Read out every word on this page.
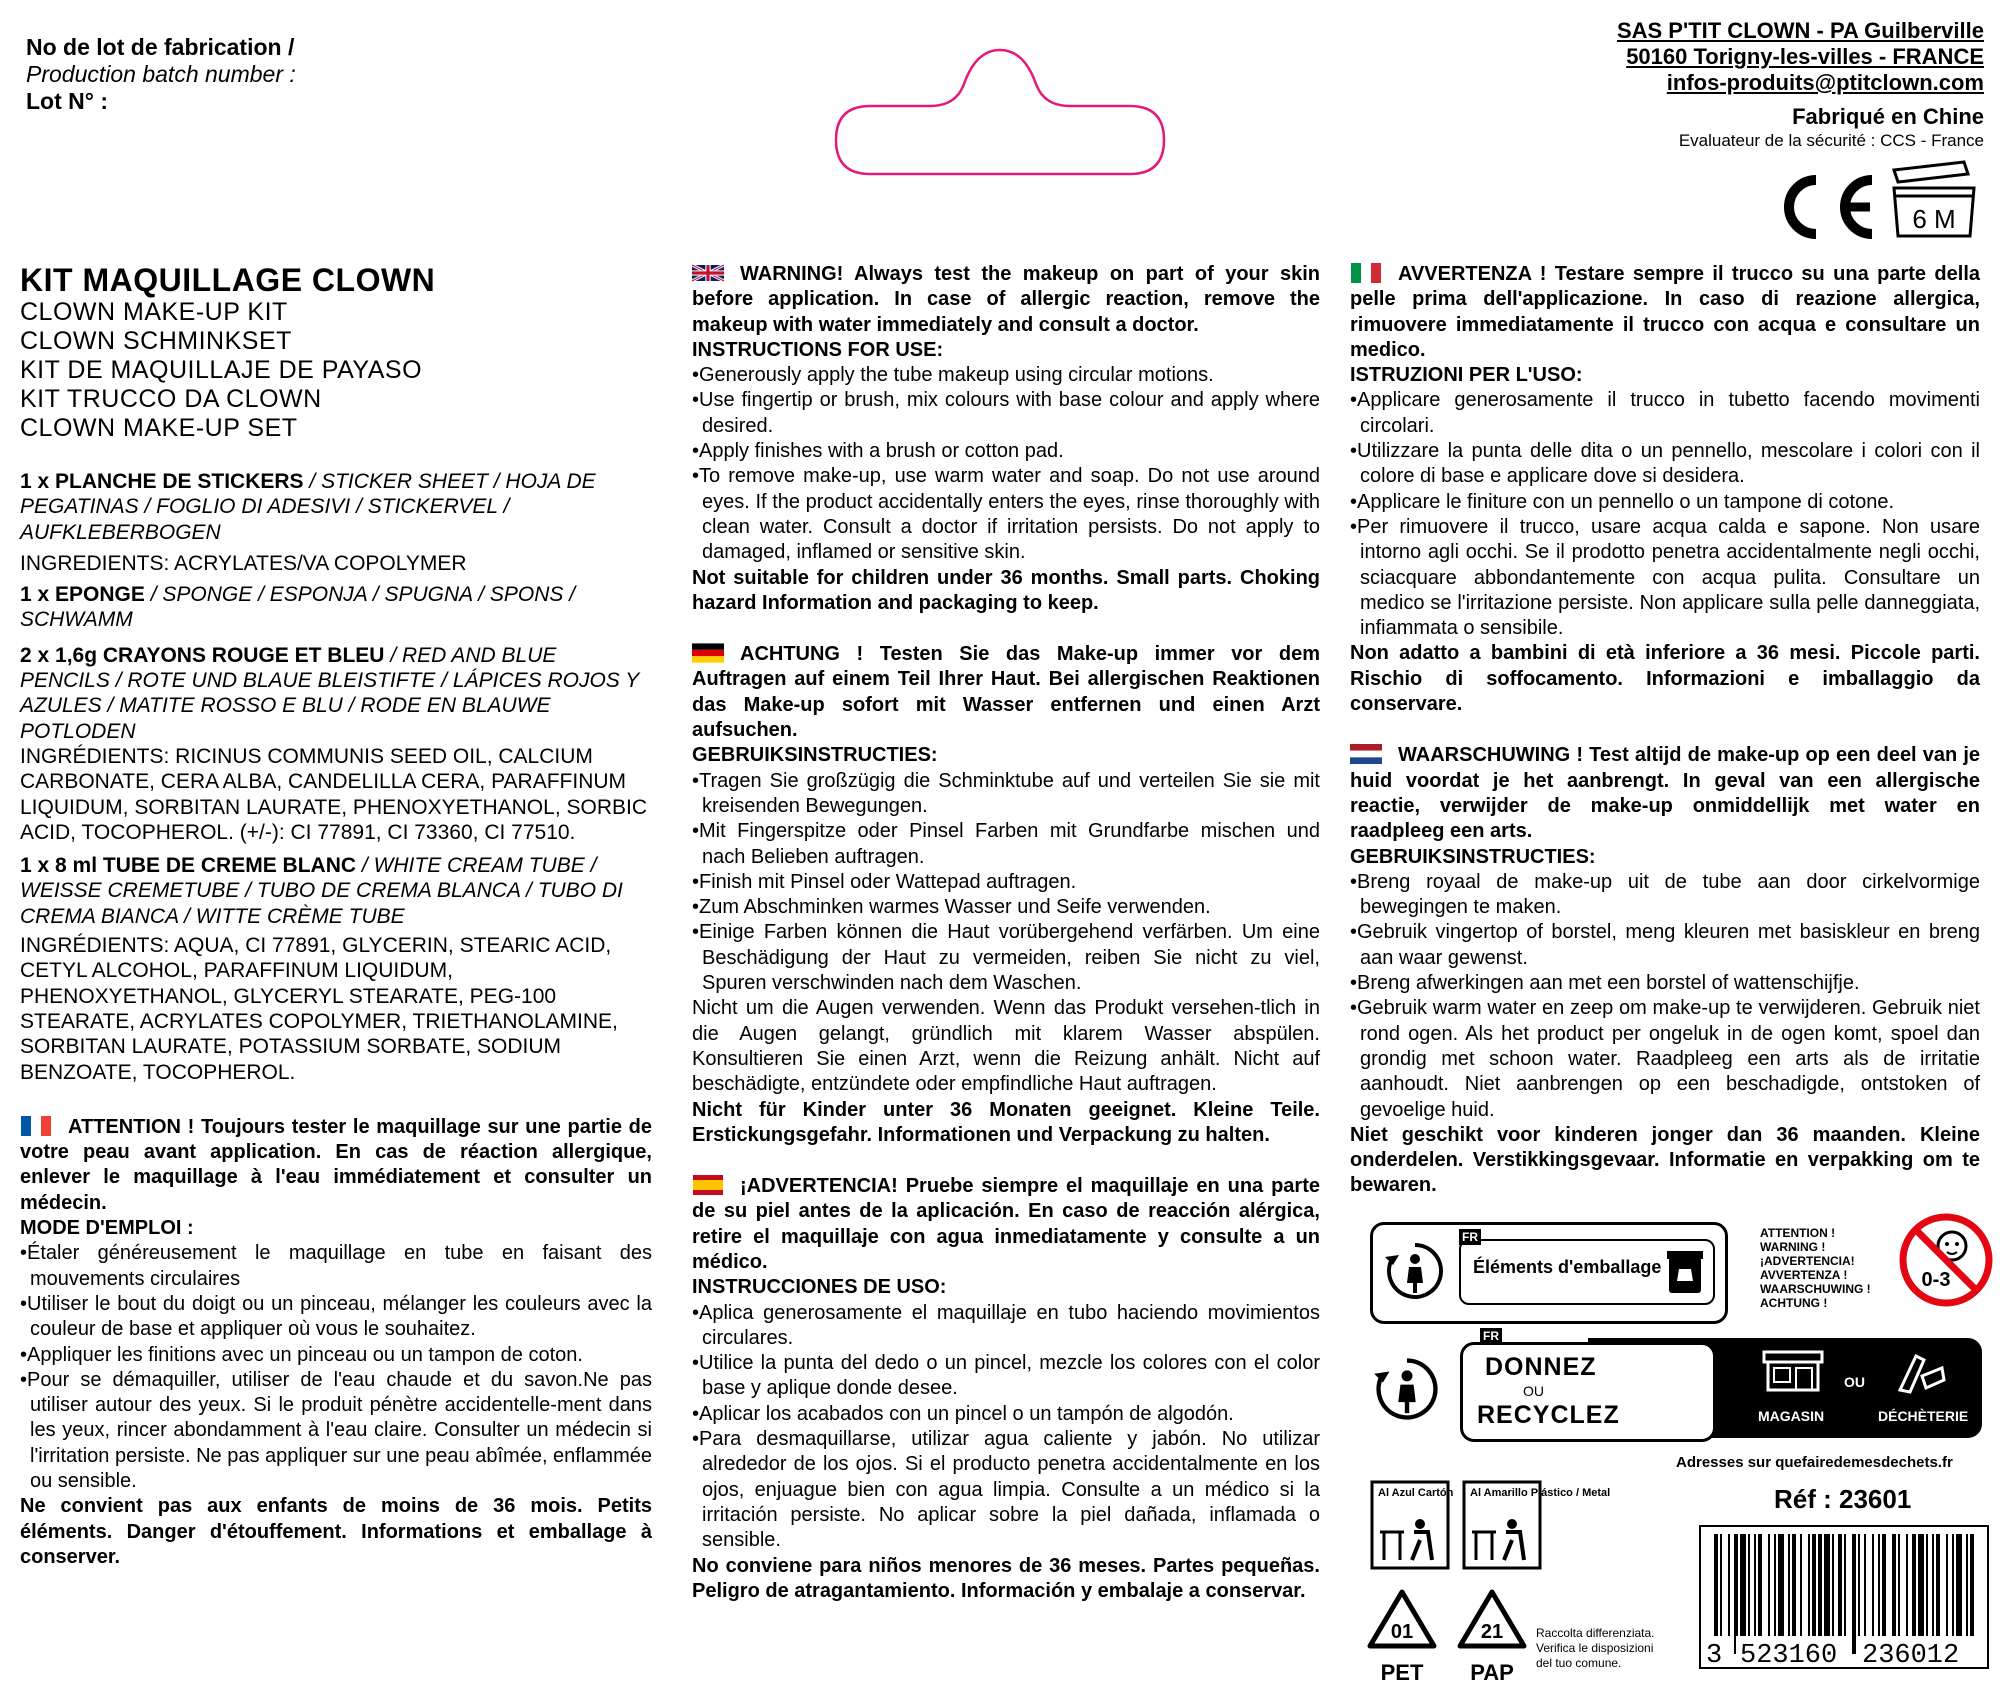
No de lot de fabrication /
Production batch number :
Lot N° :
SAS P'TIT CLOWN - PA Guilberville
50160 Torigny-les-villes - FRANCE
infos-produits@ptitclown.com
Fabriqué en Chine
Evaluateur de la sécurité : CCS - France
6 M
KIT MAQUILLAGE CLOWN
CLOWN MAKE-UP KIT
CLOWN SCHMINKSET
KIT DE MAQUILLAJE DE PAYASO
KIT TRUCCO DA CLOWN
CLOWN MAKE-UP SET
1 x PLANCHE DE STICKERS / STICKER SHEET / HOJA DE PEGATINAS / FOGLIO DI ADESIVI / STICKERVEL / AUFKLEBERBOGEN
INGREDIENTS: ACRYLATES/VA COPOLYMER
1 x EPONGE / SPONGE / ESPONJA / SPUGNA / SPONS / SCHWAMM
2 x 1,6g CRAYONS ROUGE ET BLEU / RED AND BLUE PENCILS / ROTE UND BLAUE BLEISTIFTE / LÁPICES ROJOS Y AZULES / MATITE ROSSO E BLU / RODE EN BLAUWE POTLODEN
INGRÉDIENTS: RICINUS COMMUNIS SEED OIL, CALCIUM CARBONATE, CERA ALBA, CANDELILLA CERA, PARAFFINUM LIQUIDUM, SORBITAN LAURATE, PHENOXYETHANOL, SORBIC ACID, TOCOPHEROL. (+/-): CI 77891, CI 73360, CI 77510.
1 x 8 ml TUBE DE CREME BLANC / WHITE CREAM TUBE / WEISSE CREMETUBE / TUBO DE CREMA BLANCA / TUBO DI CREMA BIANCA / WITTE CRÈME TUBE
INGRÉDIENTS: AQUA, CI 77891, GLYCERIN, STEARIC ACID, CETYL ALCOHOL, PARAFFINUM LIQUIDUM, PHENOXYETHANOL, GLYCERYL STEARATE, PEG-100 STEARATE, ACRYLATES COPOLYMER, TRIETHANOLAMINE, SORBITAN LAURATE, POTASSIUM SORBATE, SODIUM BENZOATE, TOCOPHEROL.
ATTENTION ! Toujours tester le maquillage sur une partie de votre peau avant application. En cas de réaction allergique, enlever le maquillage à l'eau immédiatement et consulter un médecin.
MODE D'EMPLOI :
•Étaler généreusement le maquillage en tube en faisant des mouvements circulaires
•Utiliser le bout du doigt ou un pinceau, mélanger les couleurs avec la couleur de base et appliquer où vous le souhaitez.
•Appliquer les finitions avec un pinceau ou un tampon de coton.
•Pour se démaquiller, utiliser de l'eau chaude et du savon.Ne pas utiliser autour des yeux. Si le produit pénètre accidentelle-ment dans les yeux, rincer abondamment à l'eau claire. Consulter un médecin si l'irritation persiste. Ne pas appliquer sur une peau abîmée, enflammée ou sensible.
Ne convient pas aux enfants de moins de 36 mois. Petits éléments. Danger d'étouffement. Informations et emballage à conserver.
WARNING! Always test the makeup on part of your skin before application. In case of allergic reaction, remove the makeup with water immediately and consult a doctor.
INSTRUCTIONS FOR USE:
•Generously apply the tube makeup using circular motions.
•Use fingertip or brush, mix colours with base colour and apply where desired.
•Apply finishes with a brush or cotton pad.
•To remove make-up, use warm water and soap. Do not use around eyes. If the product accidentally enters the eyes, rinse thoroughly with clean water. Consult a doctor if irritation persists. Do not apply to damaged, inflamed or sensitive skin.
Not suitable for children under 36 months. Small parts. Choking hazard Information and packaging to keep.
ACHTUNG ! Testen Sie das Make-up immer vor dem Auftragen auf einem Teil Ihrer Haut. Bei allergischen Reaktionen das Make-up sofort mit Wasser entfernen und einen Arzt aufsuchen.
GEBRUIKSINSTRUCTIES:
•Tragen Sie großzügig die Schminktube auf und verteilen Sie sie mit kreisenden Bewegungen.
•Mit Fingerspitze oder Pinsel Farben mit Grundfarbe mischen und nach Belieben auftragen.
•Finish mit Pinsel oder Wattepad auftragen.
•Zum Abschminken warmes Wasser und Seife verwenden.
•Einige Farben können die Haut vorübergehend verfärben. Um eine Beschädigung der Haut zu vermeiden, reiben Sie nicht zu viel, Spuren verschwinden nach dem Waschen.
Nicht um die Augen verwenden. Wenn das Produkt versehen-tlich in die Augen gelangt, gründlich mit klarem Wasser abspülen. Konsultieren Sie einen Arzt, wenn die Reizung anhält. Nicht auf beschädigte, entzündete oder empfindliche Haut auftragen.
Nicht für Kinder unter 36 Monaten geeignet. Kleine Teile. Erstickungsgefahr. Informationen und Verpackung zu halten.
¡ADVERTENCIA! Pruebe siempre el maquillaje en una parte de su piel antes de la aplicación. En caso de reacción alérgica, retire el maquillaje con agua inmediatamente y consulte a un médico.
INSTRUCCIONES DE USO:
•Aplica generosamente el maquillaje en tubo haciendo movimientos circulares.
•Utilice la punta del dedo o un pincel, mezcle los colores con el color base y aplique donde desee.
•Aplicar los acabados con un pincel o un tampón de algodón.
•Para desmaquillarse, utilizar agua caliente y jabón. No utilizar alrededor de los ojos. Si el producto penetra accidentalmente en los ojos, enjuague bien con agua limpia. Consulte a un médico si la irritación persiste. No aplicar sobre la piel dañada, inflamada o sensible.
No conviene para niños menores de 36 meses. Partes pequeñas. Peligro de atragantamiento. Información y embalaje a conservar.
AVVERTENZA ! Testare sempre il trucco su una parte della pelle prima dell'applicazione. In caso di reazione allergica, rimuovere immediatamente il trucco con acqua e consultare un medico.
ISTRUZIONI PER L'USO:
•Applicare generosamente il trucco in tubetto facendo movimenti circolari.
•Utilizzare la punta delle dita o un pennello, mescolare i colori con il colore di base e applicare dove si desidera.
•Applicare le finiture con un pennello o un tampone di cotone.
•Per rimuovere il trucco, usare acqua calda e sapone. Non usare intorno agli occhi. Se il prodotto penetra accidentalmente negli occhi, sciacquare abbondantemente con acqua pulita. Consultare un medico se l'irritazione persiste. Non applicare sulla pelle danneggiata, infiammata o sensibile.
Non adatto a bambini di età inferiore a 36 mesi. Piccole parti. Rischio di soffocamento. Informazioni e imballaggio da conservare.
WAARSCHUWING ! Test altijd de make-up op een deel van je huid voordat je het aanbrengt. In geval van een allergische reactie, verwijder de make-up onmiddellijk met water en raadpleeg een arts.
GEBRUIKSINSTRUCTIES:
•Breng royaal de make-up uit de tube aan door cirkelvormige bewegingen te maken.
•Gebruik vingertop of borstel, meng kleuren met basiskleur en breng aan waar gewenst.
•Breng afwerkingen aan met een borstel of wattenschijfje.
•Gebruik warm water en zeep om make-up te verwijderen. Gebruik niet rond ogen. Als het product per ongeluk in de ogen komt, spoel dan grondig met schoon water. Raadpleeg een arts als de irritatie aanhoudt. Niet aanbrengen op een beschadigde, ontstoken of gevoelige huid.
Niet geschikt voor kinderen jonger dan 36 maanden. Kleine onderdelen. Verstikkingsgevaar. Informatie en verpakking om te bewaren.
Éléments d'emballage
FR	ATTENTION !
WARNING !
¡ADVERTENCIA!
AVVERTENZA !
WAARSCHUWING !
ACHTUNG !
0-3
OU
MAGASIN	DÉCHÈTERIE
DONNEZ
OU
RECYCLEZ
FR
Adresses sur quefairedemesdechets.fr
Réf : 23601
Al Azul Cartón Al Amarillo Plástico / Metal
01
PET
21
PAP
Raccolta differenziata.
Verifica le disposizioni
del tuo comune.	3 523160 236012
